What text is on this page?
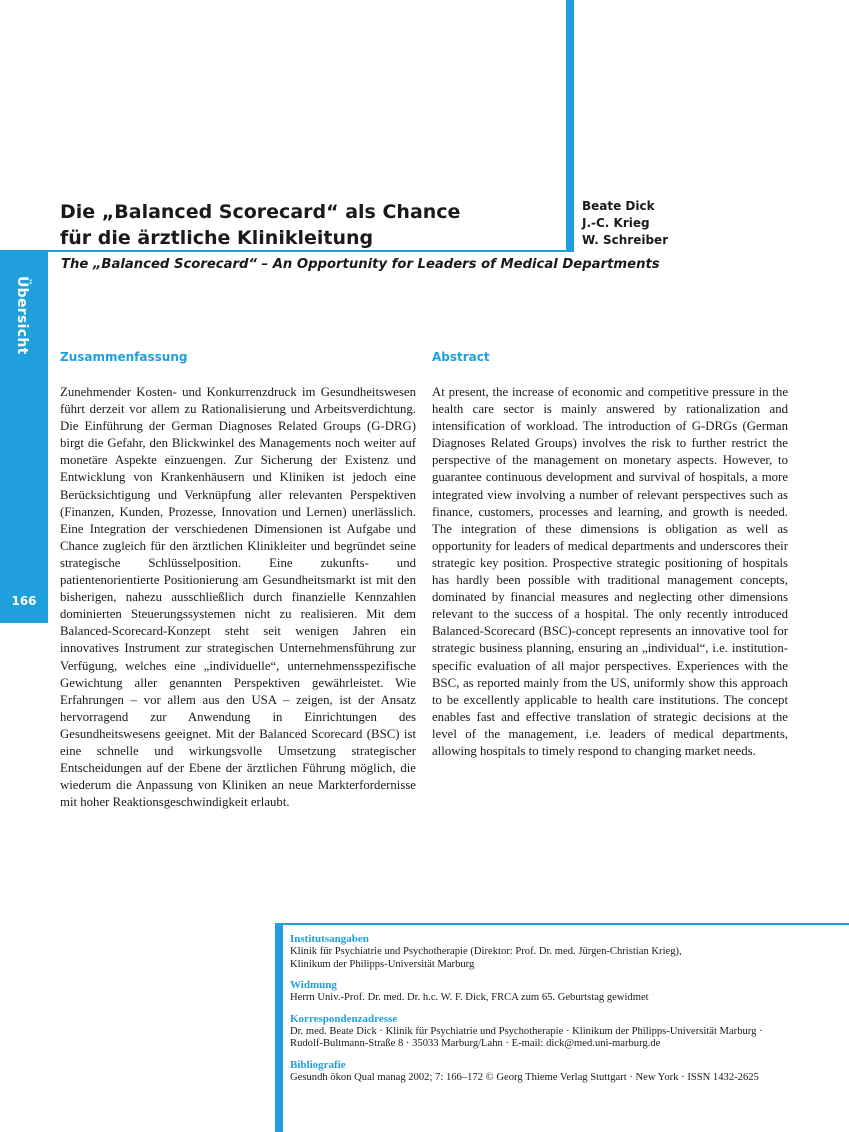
Übersicht
166
Die „Balanced Scorecard“ als Chance
für die ärztliche Klinikleitung
Beate Dick
J.-C. Krieg
W. Schreiber
The „Balanced Scorecard“ – An Opportunity for Leaders of Medical Departments
Zusammenfassung	Abstract
Zunehmender Kosten- und Konkurrenzdruck im Gesundheitswesen führt derzeit vor allem zu Rationalisierung und Arbeitsverdichtung. Die Einführung der German Diagnoses Related Groups (G-DRG) birgt die Gefahr, den Blickwinkel des Managements noch weiter auf monetäre Aspekte einzuengen. Zur Sicherung der Existenz und Entwicklung von Krankenhäusern und Kliniken ist jedoch eine Berücksichtigung und Verknüpfung aller relevanten Perspektiven (Finanzen, Kunden, Prozesse, Innovation und Lernen) unerlässlich. Eine Integration der verschiedenen Dimensionen ist Aufgabe und Chance zugleich für den ärztlichen Klinikleiter und begründet seine strategische Schlüsselposition. Eine zukunfts- und patientenorientierte Positionierung am Gesundheitsmarkt ist mit den bisherigen, nahezu ausschließlich durch finanzielle Kennzahlen dominierten Steuerungssystemen nicht zu realisieren. Mit dem Balanced-Scorecard-Konzept steht seit wenigen Jahren ein innovatives Instrument zur strategischen Unternehmensführung zur Verfügung, welches eine „individuelle“, unternehmensspezifische Gewichtung aller genannten Perspektiven gewährleistet. Wie Erfahrungen – vor allem aus den USA – zeigen, ist der Ansatz hervorragend zur Anwendung in Einrichtungen des Gesundheitswesens geeignet. Mit der Balanced Scorecard (BSC) ist eine schnelle und wirkungsvolle Umsetzung strategischer Entscheidungen auf der Ebene der ärztlichen Führung möglich, die wiederum die Anpassung von Kliniken an neue Markterfordernisse mit hoher Reaktionsgeschwindigkeit erlaubt.
At present, the increase of economic and competitive pressure in the health care sector is mainly answered by rationalization and intensification of workload. The introduction of G-DRGs (German Diagnoses Related Groups) involves the risk to further restrict the perspective of the management on monetary aspects. However, to guarantee continuous development and survival of hospitals, a more integrated view involving a number of relevant perspectives such as finance, customers, processes and learning, and growth is needed. The integration of these dimensions is obligation as well as opportunity for leaders of medical departments and underscores their strategic key position. Prospective strategic positioning of hospitals has hardly been possible with traditional management concepts, dominated by financial measures and neglecting other dimensions relevant to the success of a hospital. The only recently introduced Balanced-Scorecard (BSC)-concept represents an innovative tool for strategic business planning, ensuring an „individual“, i.e. institution-specific evaluation of all major perspectives. Experiences with the BSC, as reported mainly from the US, uniformly show this approach to be excellently applicable to health care institutions. The concept enables fast and effective translation of strategic decisions at the level of the management, i.e. leaders of medical departments, allowing hospitals to timely respond to changing market needs.
Institutsangaben
Klinik für Psychiatrie und Psychotherapie (Direktor: Prof. Dr. med. Jürgen-Christian Krieg),
Klinikum der Philipps-Universität Marburg
Widmung
Herrn Univ.-Prof. Dr. med. Dr. h.c. W. F. Dick, FRCA zum 65. Geburtstag gewidmet
Korrespondenzadresse
Dr. med. Beate Dick · Klinik für Psychiatrie und Psychotherapie · Klinikum der Philipps-Universität Marburg ·
Rudolf-Bultmann-Straße 8 · 35033 Marburg/Lahn · E-mail: dick@med.uni-marburg.de
Bibliografie
Gesundh ökon Qual manag 2002; 7: 166–172 © Georg Thieme Verlag Stuttgart · New York · ISSN 1432-2625
